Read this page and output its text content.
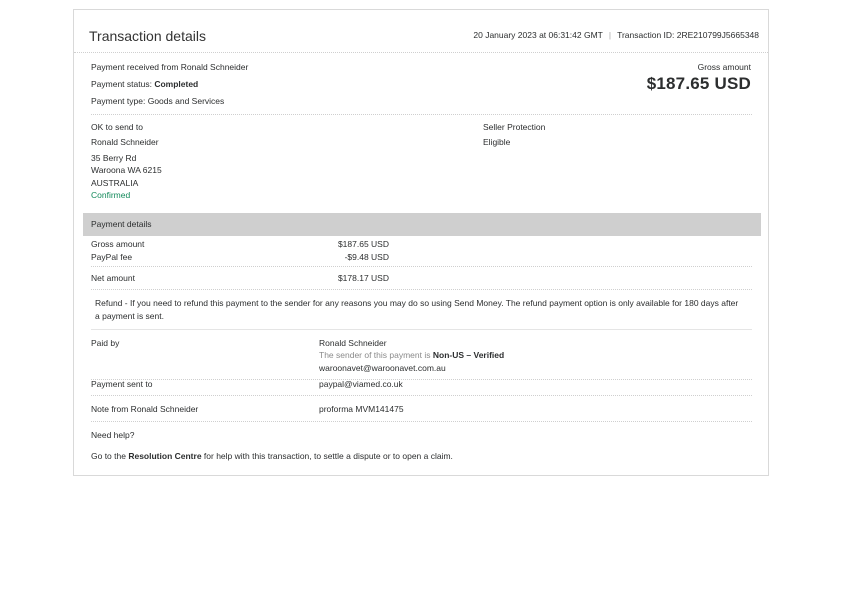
Transaction details	20 January 2023 at 06:31:42 GMT | Transaction ID: 2RE210799J5665348
Payment received from Ronald Schneider
Payment status: Completed
Payment type: Goods and Services
Gross amount
$187.65 USD
OK to send to
Ronald Schneider
35 Berry Rd
Waroona WA 6215
AUSTRALIA
Confirmed
Seller Protection
Eligible
Payment details
Gross amount	$187.65 USD
PayPal fee	-$9.48 USD
Net amount	$178.17 USD
Refund - If you need to refund this payment to the sender for any reasons you may do so using Send Money. The refund payment option is only available for 180 days after a payment is sent.
Paid by	Ronald Schneider
The sender of this payment is Non-US – Verified
waroonavet@waroonavet.com.au
Payment sent to	paypal@viamed.co.uk
Note from Ronald Schneider	proforma MVM141475
Need help?
Go to the Resolution Centre for help with this transaction, to settle a dispute or to open a claim.
